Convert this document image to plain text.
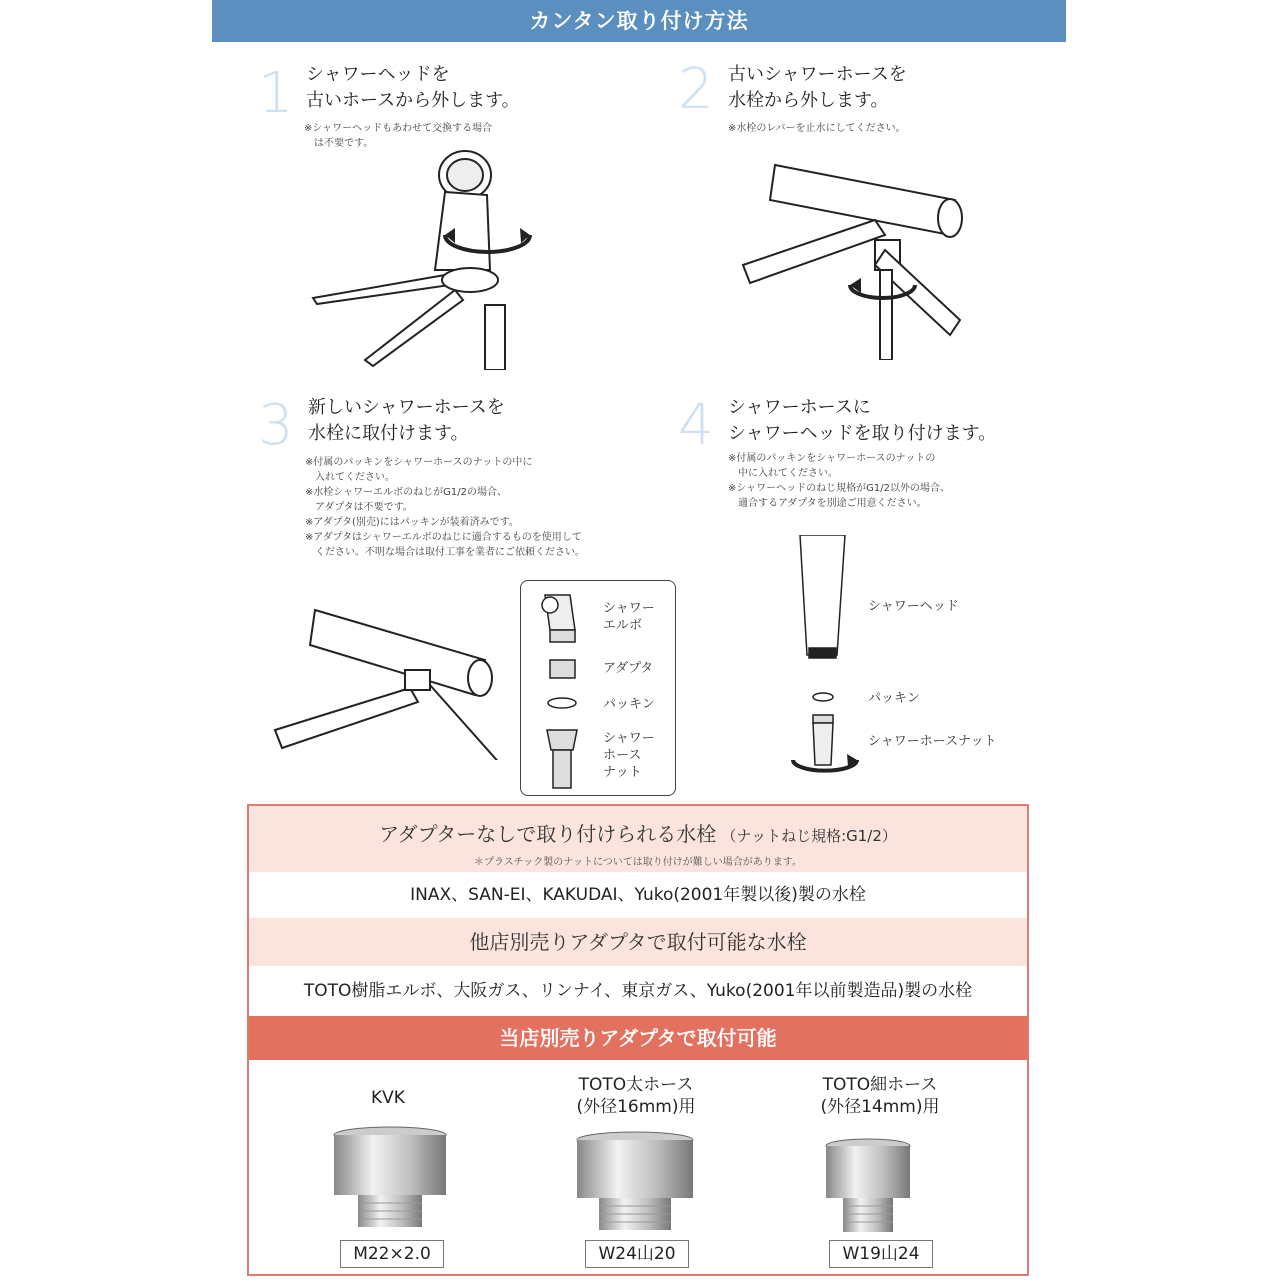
カンタン取り付け方法
1 シャワーヘッドを
古いホースから外します。
※シャワーヘッドもあわせて交換する場合
　は不要です。
2 古いシャワーホースを
水栓から外します。
※水栓のレバーを止水にしてください。
3 新しいシャワーホースを
水栓に取付けます。
※付属のパッキンをシャワーホースのナットの中に
　入れてください。
※水栓シャワーエルボのねじがG1/2の場合、
　アダプタは不要です。
※アダプタ(別売)にはパッキンが装着済みです。
※アダプタはシャワーエルボのねじに適合するものを使用して
　ください。不明な場合は取付工事を業者にご依頼ください。
シャワー
エルボ
アダプタ
パッキン
シャワー
ホース
ナット
4 シャワーホースに
シャワーヘッドを取り付けます。
※付属のパッキンをシャワーホースのナットの
　中に入れてください。
※シャワーヘッドのねじ規格がG1/2以外の場合、
　適合するアダプタを別途ご用意ください。
シャワーヘッド
パッキン
シャワーホースナット
アダプターなしで取り付けられる水栓 （ナットねじ規格:G1/2）
＊プラスチック製のナットについては取り付けが難しい場合があります。
INAX、SAN-EI、KAKUDAI、Yuko(2001年製以後)製の水栓
他店別売りアダプタで取付可能な水栓
TOTO樹脂エルボ、大阪ガス、リンナイ、東京ガス、Yuko(2001年以前製造品)製の水栓
当店別売りアダプタで取付可能
KVK
TOTO太ホース
(外径16mm)用
TOTO細ホース
(外径14mm)用
M22×2.0	W24山20	W19山24
